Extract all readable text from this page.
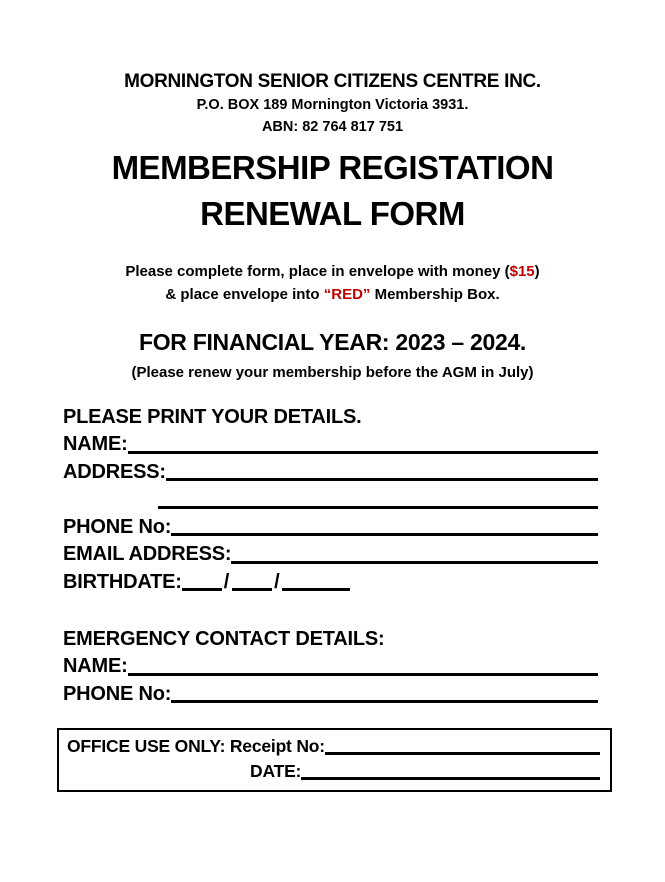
MORNINGTON SENIOR CITIZENS CENTRE INC.
P.O. BOX 189 Mornington Victoria 3931.
ABN: 82 764 817 751
MEMBERSHIP REGISTATION
RENEWAL FORM
Please complete form, place in envelope with money ($15)
& place envelope into “RED” Membership Box.
FOR FINANCIAL YEAR: 2023 – 2024.
(Please renew your membership before the AGM in July)
PLEASE PRINT YOUR DETAILS.
NAME:
ADDRESS:
PHONE No:
EMAIL ADDRESS:
BIRTHDATE: / /
EMERGENCY CONTACT DETAILS:
NAME:
PHONE No:
OFFICE USE ONLY: Receipt No:
DATE:
